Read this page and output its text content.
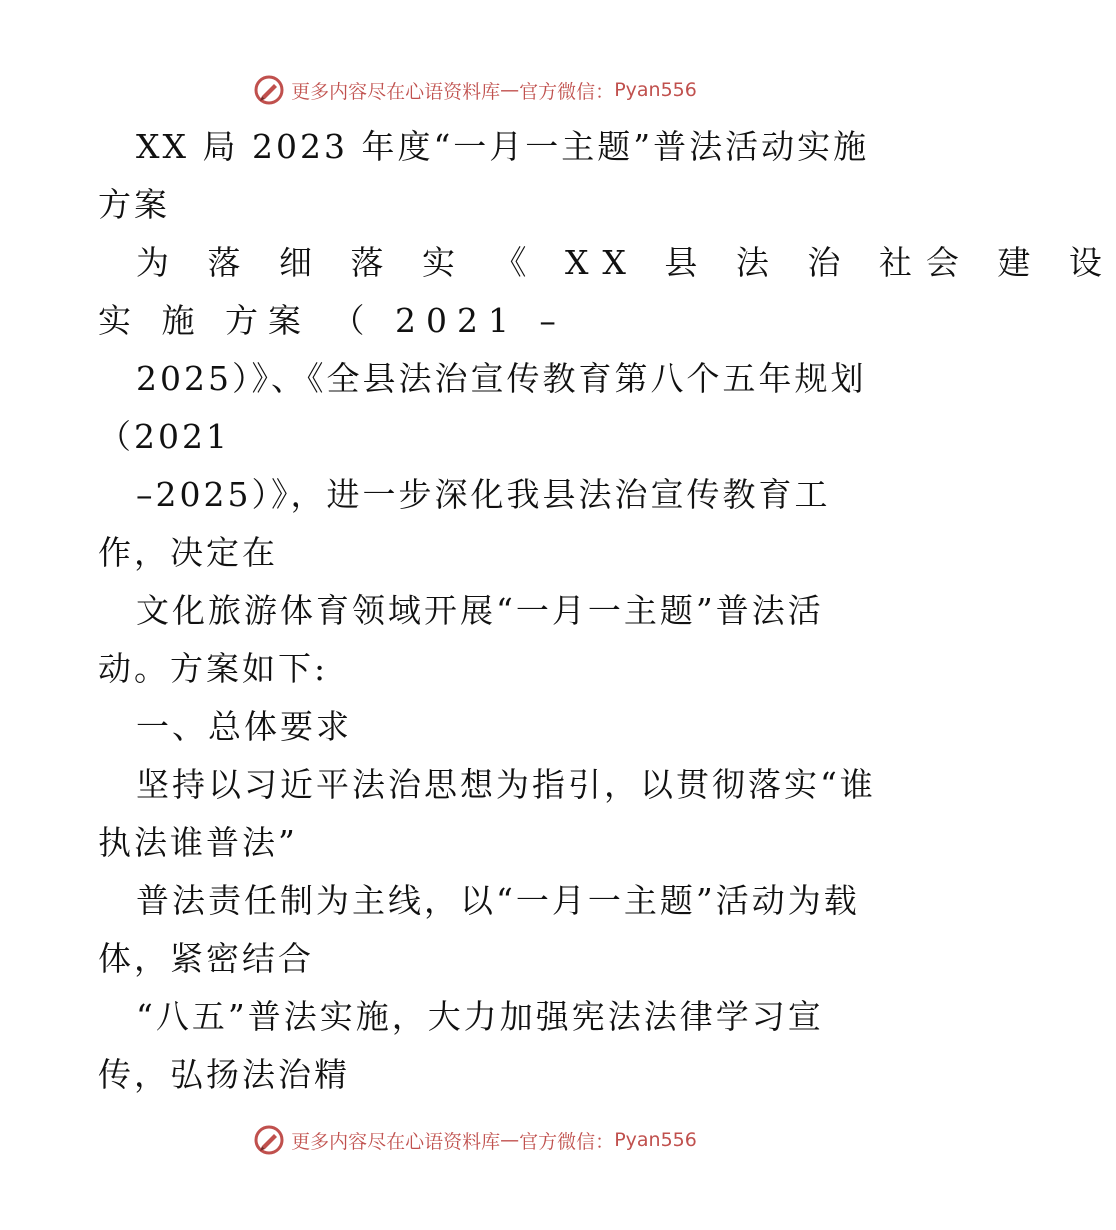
更多内容尽在心语资料库 — 官方微信： Pyan556
XX 局 2023 年度“一月一主题”普法活动实施
方案
为 落 细 落 实 《 XX 县 法 治 社会 建 设
实 施 方案 （ 2021 –
2025）》、《全县法治宣传教育第八个五年规划
（2021
–2025）》，进一步深化我县法治宣传教育工
作，决定在
文化旅游体育领域开展“一月一主题”普法活
动。方案如下:
一、总体要求
坚持以习近平法治思想为指引，以贯彻落实“谁
执法谁普法”
普法责任制为主线，以“一月一主题”活动为载
体，紧密结合
“八五”普法实施，大力加强宪法法律学习宣
传，弘扬法治精
更多内容尽在心语资料库 — 官方微信： Pyan556
